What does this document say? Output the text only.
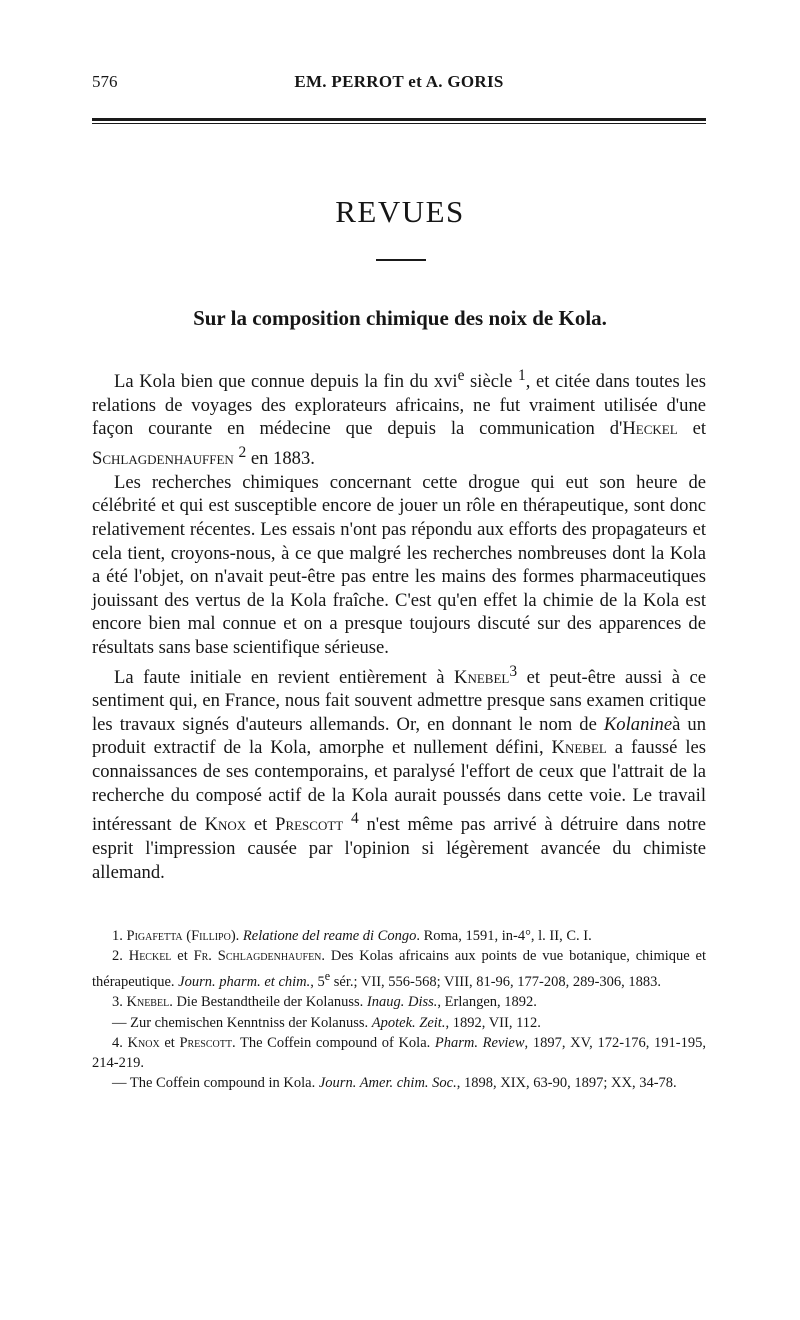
576	EM. PERROT et A. GORIS
REVUES
Sur la composition chimique des noix de Kola.

La Kola bien que connue depuis la fin du xvi$^e$ siècle $^1$, et citée dans toutes les relations de voyages des explorateurs africains, ne fut vraiment utilisée d'une façon courante en médecine que depuis la communication d'Heckel et Schlagdenhauffen $^2$ en 1883.

Les recherches chimiques concernant cette drogue qui eut son heure de célébrité et qui est susceptible encore de jouer un rôle en thérapeutique, sont donc relativement récentes. Les essais n'ont pas répondu aux efforts des propagateurs et cela tient, croyons-nous, à ce que malgré les recherches nombreuses dont la Kola a été l'objet, on n'avait peut-être pas entre les mains des formes pharmaceutiques jouissant des vertus de la Kola fraîche. C'est qu'en effet la chimie de la Kola est encore bien mal connue et on a presque toujours discuté sur des apparences de résultats sans base scientifique sérieuse.

La faute initiale en revient entièrement à Knebel$^3$ et peut-être aussi à ce sentiment qui, en France, nous fait souvent admettre presque sans examen critique les travaux signés d'auteurs allemands. Or, en donnant le nom de Kolanineà un produit extractif de la Kola, amorphe et nullement défini, Knebel a faussé les connaissances de ses contemporains, et paralysé l'effort de ceux que l'attrait de la recherche du composé actif de la Kola aurait poussés dans cette voie. Le travail intéressant de Knox et Prescott $^4$ n'est même pas arrivé à détruire dans notre esprit l'impression causée par l'opinion si légèrement avancée du chimiste allemand.

1. Pigafetta (Fillipo). Relatione del reame di Congo. Roma, 1591, in-4°, l. II, C. I.

2. Heckel et Fr. Schlagdenhaufen. Des Kolas africains aux points de vue botanique, chimique et thérapeutique. Journ. pharm. et chim., 5e sér.; VII, 556-568; VIII, 81-96, 177-208, 289-306, 1883.

3. Knebel. Die Bestandtheile der Kolanuss. Inaug. Diss., Erlangen, 1892.

— Zur chemischen Kenntniss der Kolanuss. Apotek. Zeit., 1892, VII, 112.

4. Knox et Prescott. The Coffein compound of Kola. Pharm. Review, 1897, XV, 172-176, 191-195, 214-219.

— The Coffein compound in Kola. Journ. Amer. chim. Soc., 1898, XIX, 63-90, 1897; XX, 34-78.
